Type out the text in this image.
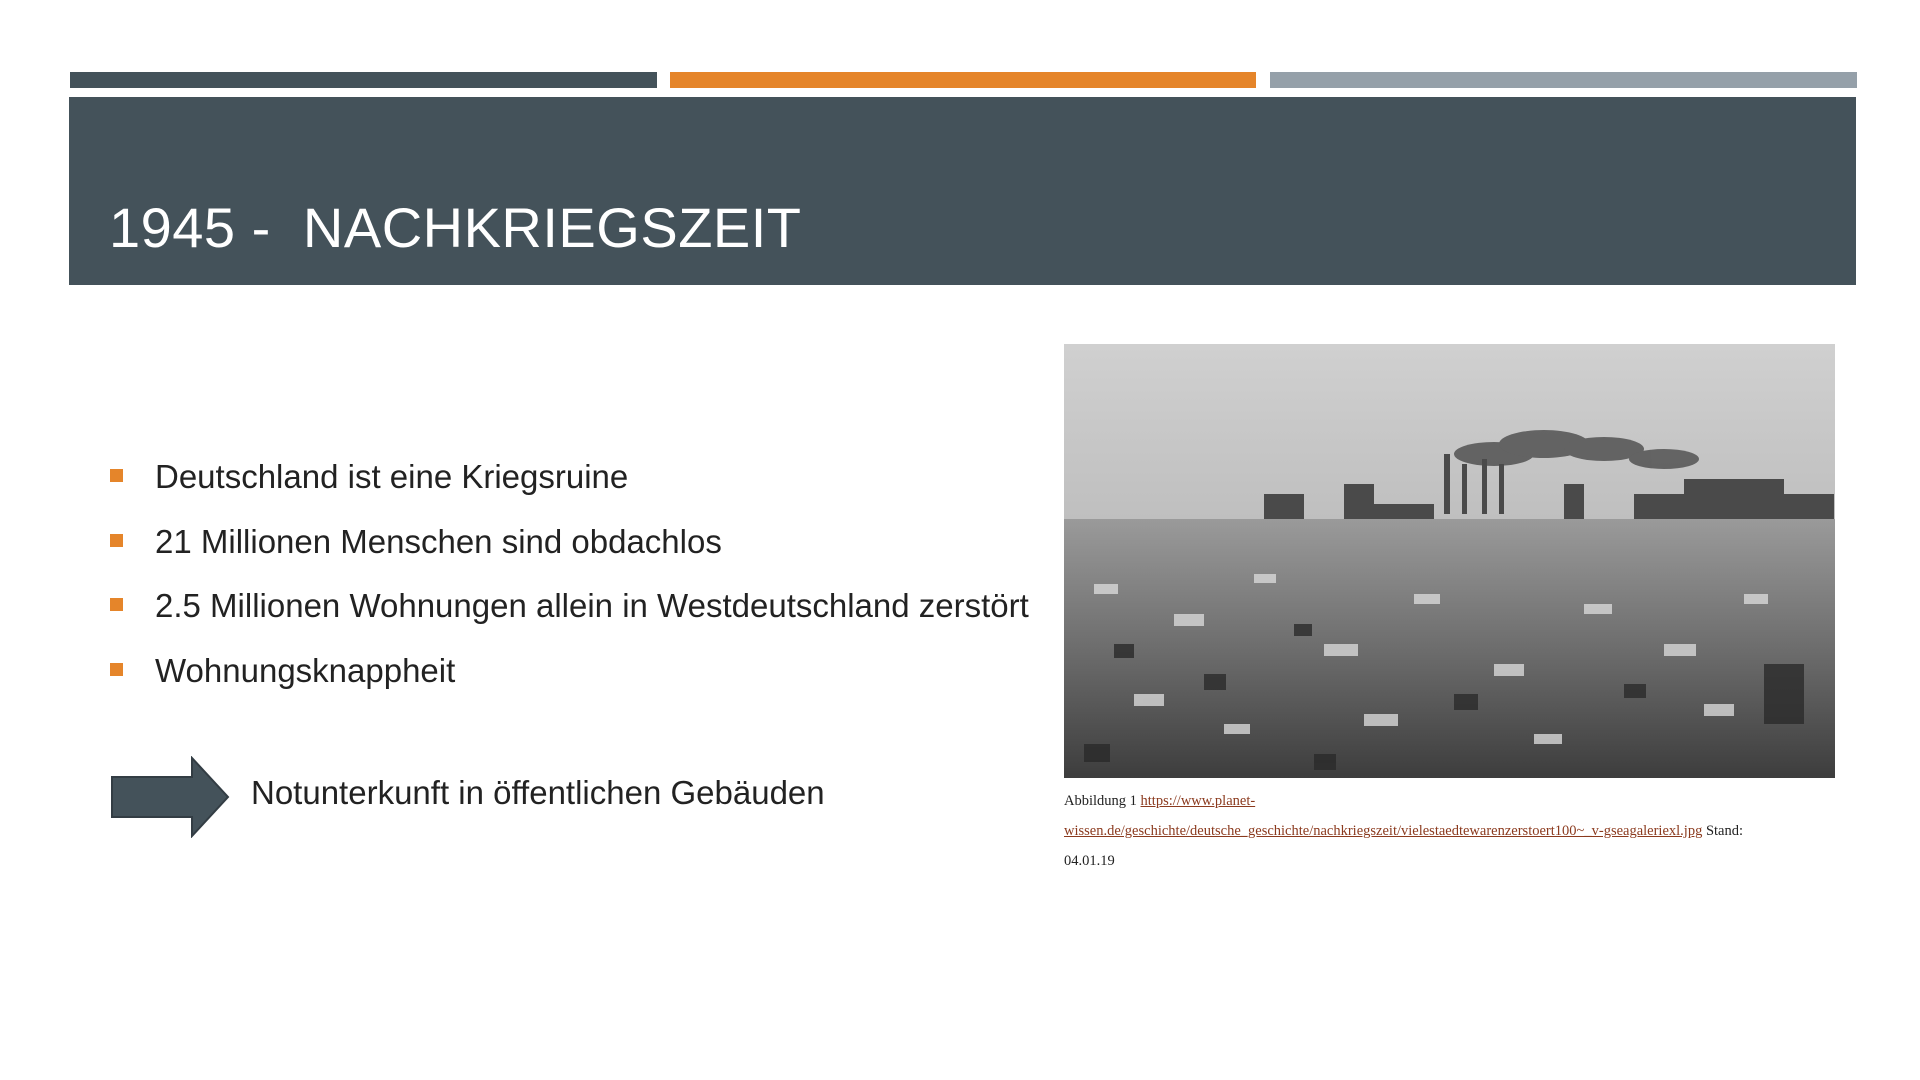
1945 -  NACHKRIEGSZEIT
Deutschland ist eine Kriegsruine
21 Millionen Menschen sind obdachlos
2.5 Millionen Wohnungen allein in Westdeutschland zerstört
Wohnungsknappheit
Notunterkunft in öffentlichen Gebäuden	Abbildung 1 https://www.planet-
wissen.de/geschichte/deutsche_geschichte/nachkriegszeit/vielestaedtewarenzerstoert100~_v-gseagaleriexl.jpg Stand:
04.01.19
